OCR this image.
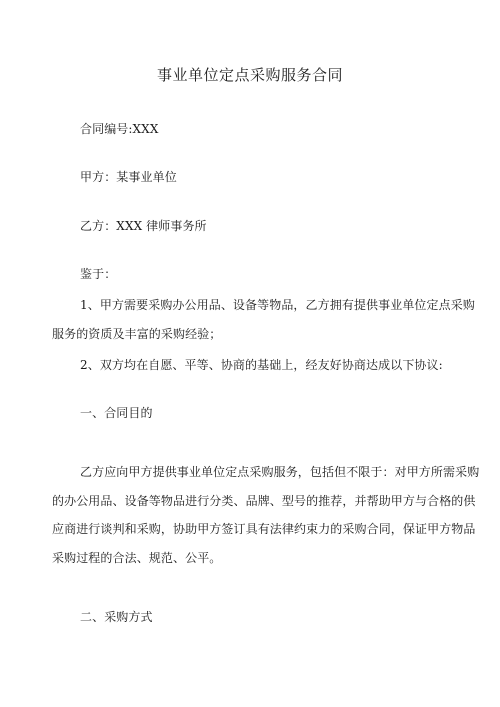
事业单位定点采购服务合同
合同编号:XXX
甲方：某事业单位
乙方：XXX 律师事务所
鉴于：
1、甲方需要采购办公用品、设备等物品，乙方拥有提供事业单位定点采购
服务的资质及丰富的采购经验；
2、双方均在自愿、平等、协商的基础上，经友好协商达成以下协议:
一、合同目的
乙方应向甲方提供事业单位定点采购服务，包括但不限于：对甲方所需采购
的办公用品、设备等物品进行分类、品牌、型号的推荐，并帮助甲方与合格的供
应商进行谈判和采购，协助甲方签订具有法律约束力的采购合同，保证甲方物品
采购过程的合法、规范、公平。
二、采购方式
